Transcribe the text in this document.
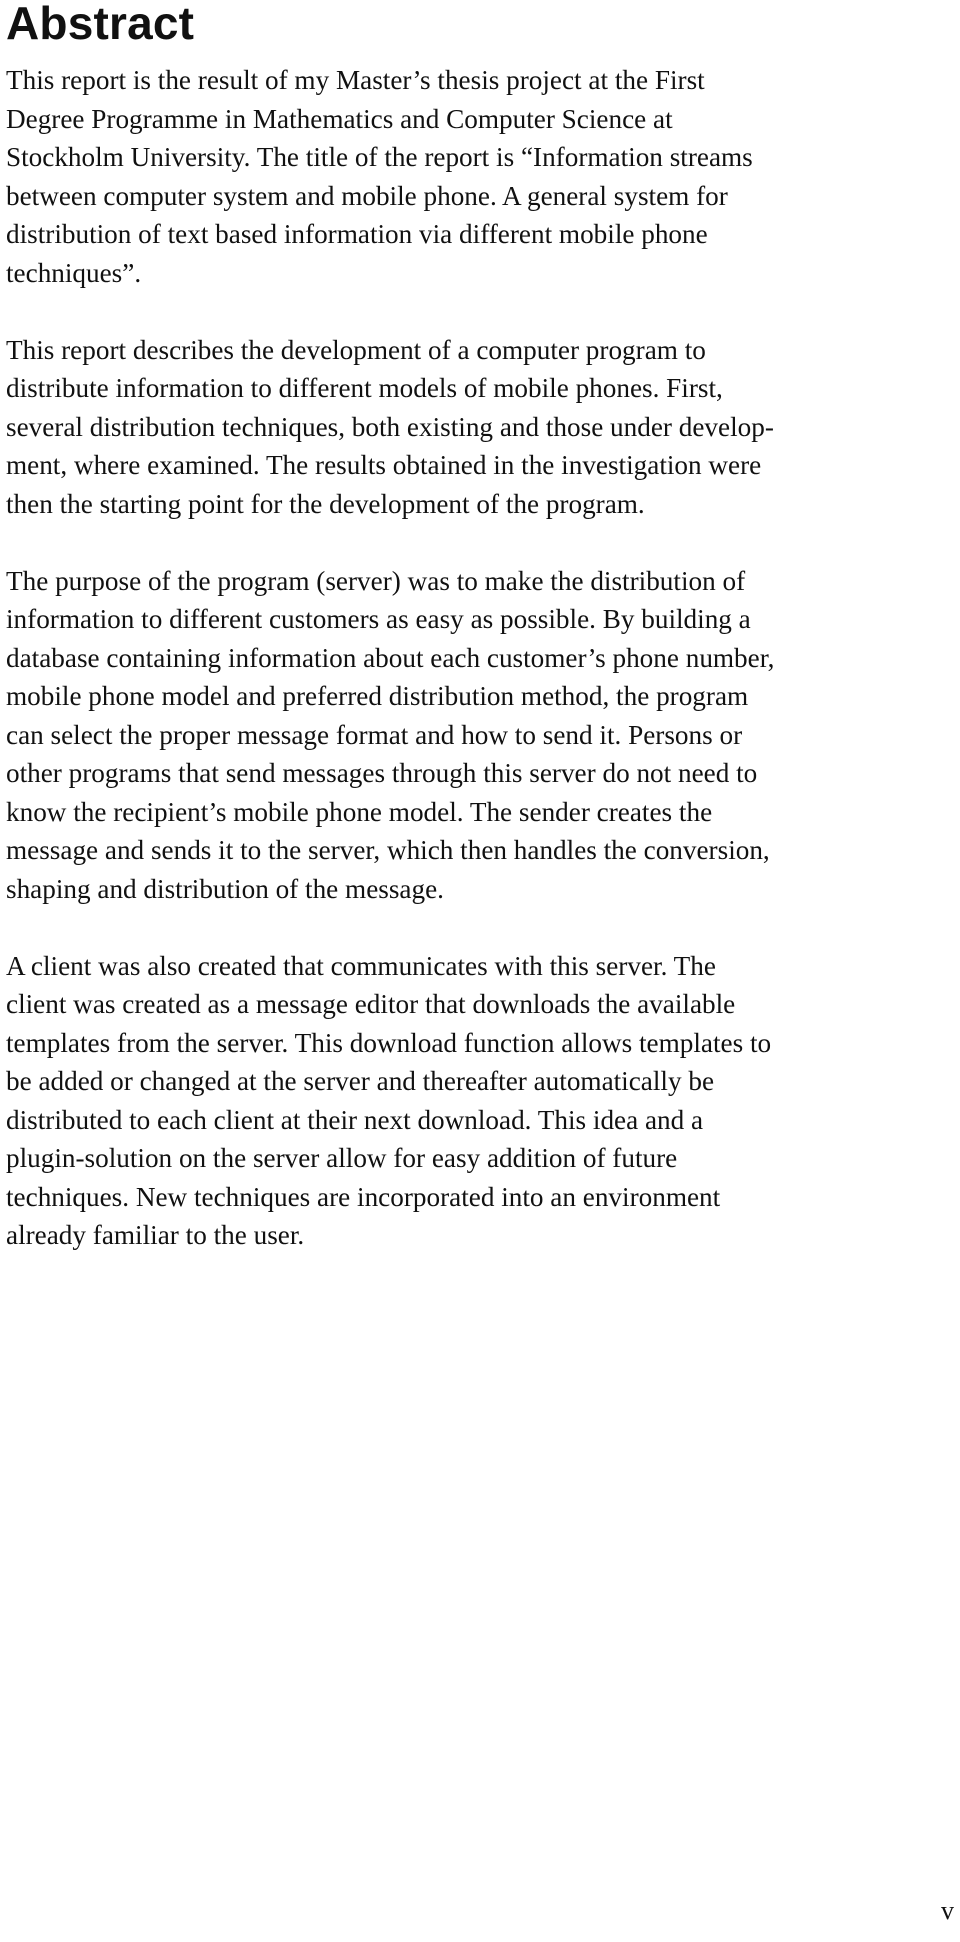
Abstract

This report is the result of my Master’s thesis project at the First
Degree Programme in Mathematics and Computer Science at
Stockholm University. The title of the report is “Information streams
between computer system and mobile phone. A general system for
distribution of text based information via different mobile phone
techniques”.

This report describes the development of a computer program to
distribute information to different models of mobile phones. First,
several distribution techniques, both existing and those under develop-
ment, where examined. The results obtained in the investigation were
then the starting point for the development of the program.

The purpose of the program (server) was to make the distribution of
information to different customers as easy as possible. By building a
database containing information about each customer’s phone number,
mobile phone model and preferred distribution method, the program
can select the proper message format and how to send it. Persons or
other programs that send messages through this server do not need to
know the recipient’s mobile phone model. The sender creates the
message and sends it to the server, which then handles the conversion,
shaping and distribution of the message.

A client was also created that communicates with this server. The
client was created as a message editor that downloads the available
templates from the server. This download function allows templates to
be added or changed at the server and thereafter automatically be
distributed to each client at their next download. This idea and a
plugin-solution on the server allow for easy addition of future
techniques. New techniques are incorporated into an environment
already familiar to the user.

v
